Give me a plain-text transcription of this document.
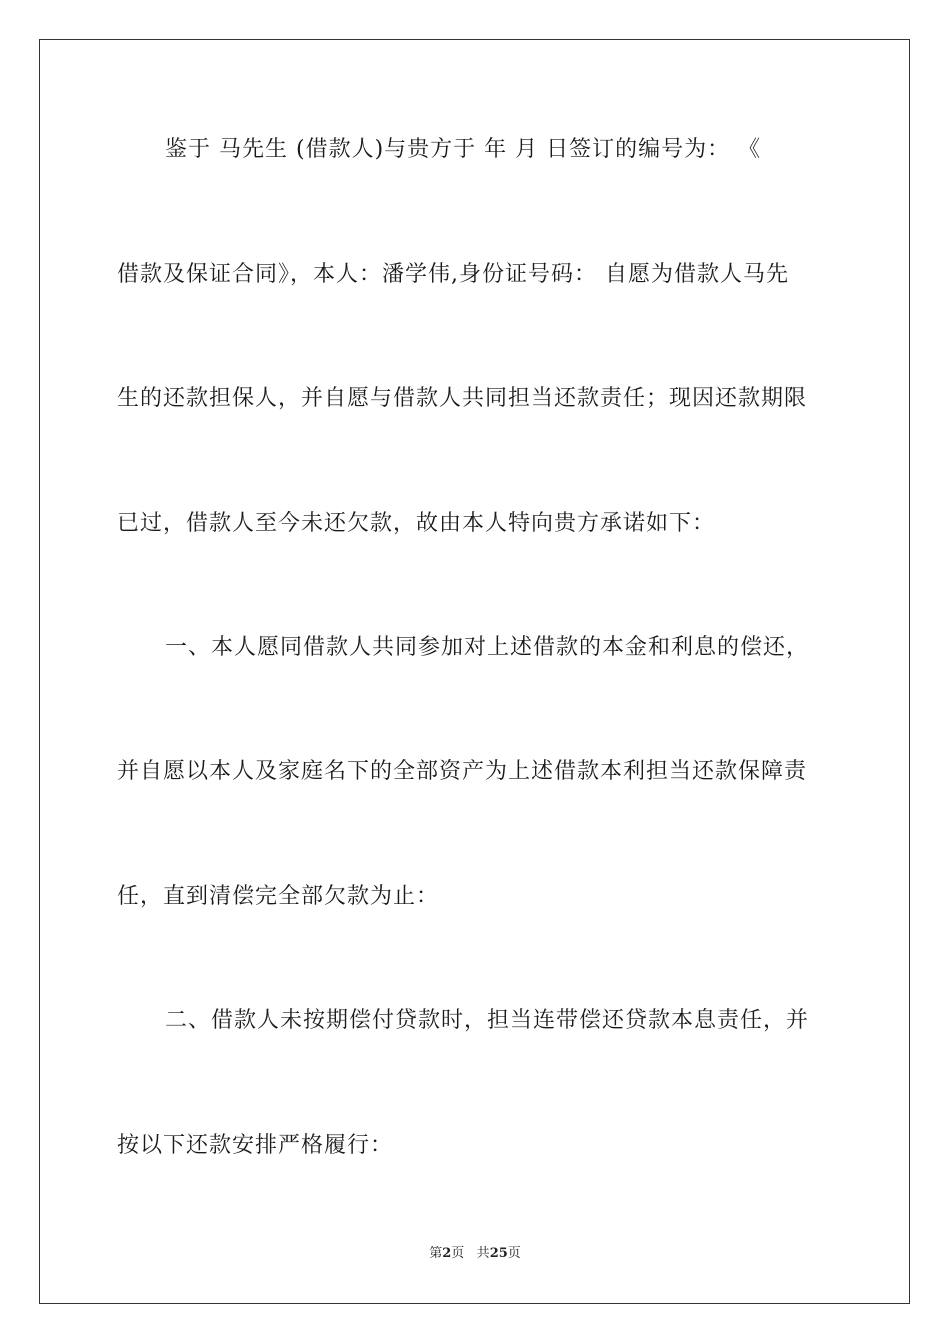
鉴于 马先生 (借款人)与贵方于 年 月 日签订的编号为： 《
借款及保证合同》，本人：潘学伟,身份证号码： 自愿为借款人马先
生的还款担保人，并自愿与借款人共同担当还款责任；现因还款期限
已过，借款人至今未还欠款，故由本人特向贵方承诺如下：
一、本人愿同借款人共同参加对上述借款的本金和利息的偿还，
并自愿以本人及家庭名下的全部资产为上述借款本利担当还款保障责
任，直到清偿完全部欠款为止：
二、借款人未按期偿付贷款时，担当连带偿还贷款本息责任，并
按以下还款安排严格履行：
第2页 共25页
